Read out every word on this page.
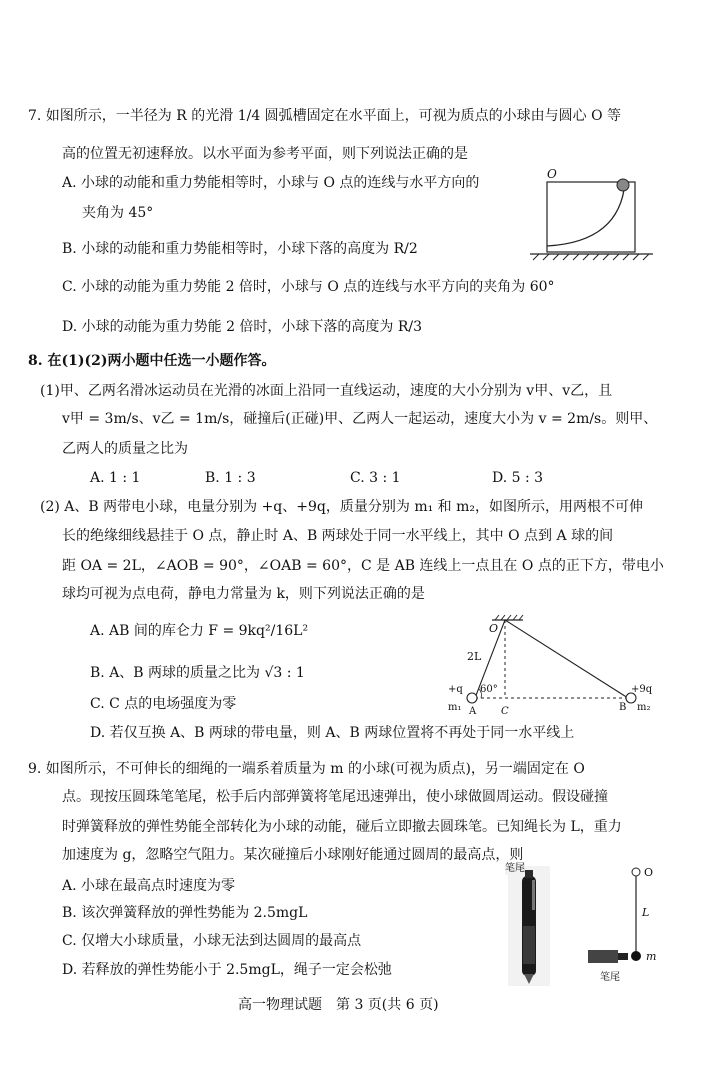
7. 如图所示，一半径为 R 的光滑 1/4 圆弧槽固定在水平面上，可视为质点的小球由与圆心 O 等
高的位置无初速释放。以水平面为参考平面，则下列说法正确的是
A. 小球的动能和重力势能相等时，小球与 O 点的连线与水平方向的
夹角为 45°
B. 小球的动能和重力势能相等时，小球下落的高度为 R/2
C. 小球的动能为重力势能 2 倍时，小球与 O 点的连线与水平方向的夹角为 60°
D. 小球的动能为重力势能 2 倍时，小球下落的高度为 R/3
O
8. 在(1)(2)两小题中任选一小题作答。
(1)甲、乙两名滑冰运动员在光滑的冰面上沿同一直线运动，速度的大小分别为 v甲、v乙，且
v甲 = 3m/s、v乙 = 1m/s，碰撞后(正碰)甲、乙两人一起运动，速度大小为 v = 2m/s。则甲、
乙两人的质量之比为
A. 1 : 1	B. 1 : 3	C. 3 : 1	D. 5 : 3
(2) A、B 两带电小球，电量分别为 +q、+9q，质量分别为 m₁ 和 m₂，如图所示，用两根不可伸
长的绝缘细线悬挂于 O 点，静止时 A、B 两球处于同一水平线上，其中 O 点到 A 球的间
距 OA = 2L，∠AOB = 90°，∠OAB = 60°，C 是 AB 连线上一点且在 O 点的正下方，带电小
球均可视为点电荷，静电力常量为 k，则下列说法正确的是
A. AB 间的库仑力 F = 9kq²/16L²
B. A、B 两球的质量之比为 √3 : 1
C. C 点的电场强度为零
D. 若仅互换 A、B 两球的带电量，则 A、B 两球位置将不再处于同一水平线上
O
2L
+q 60°
m₁ A C
+9q
B m₂
9. 如图所示，不可伸长的细绳的一端系着质量为 m 的小球(可视为质点)，另一端固定在 O
点。现按压圆珠笔笔尾，松手后内部弹簧将笔尾迅速弹出，使小球做圆周运动。假设碰撞
时弹簧释放的弹性势能全部转化为小球的动能，碰后立即撤去圆珠笔。已知绳长为 L，重力
加速度为 g，忽略空气阻力。某次碰撞后小球刚好能通过圆周的最高点，则
A. 小球在最高点时速度为零
B. 该次弹簧释放的弹性势能为 2.5mgL
C. 仅增大小球质量，小球无法到达圆周的最高点
D. 若释放的弹性势能小于 2.5mgL，绳子一定会松弛
笔尾	O
L
m
笔尾
高一物理试题　第 3 页(共 6 页)
